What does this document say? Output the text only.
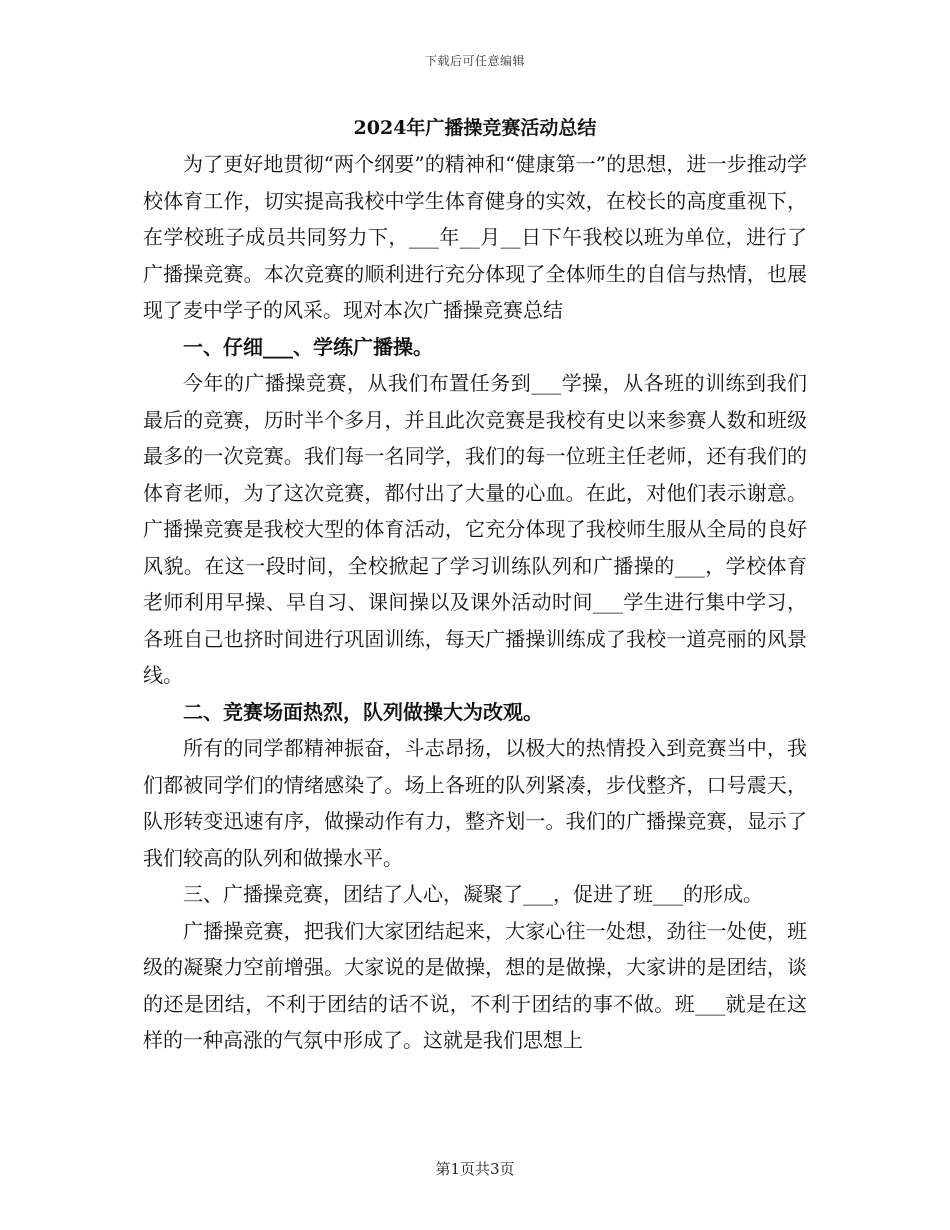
下载后可任意编辑
2024年广播操竞赛活动总结

为了更好地贯彻“两个纲要”的精神和“健康第一”的思想，进一步推动学校体育工作，切实提高我校中学生体育健身的实效，在校长的高度重视下，在学校班子成员共同努力下，___年__月__日下午我校以班为单位，进行了广播操竞赛。本次竞赛的顺利进行充分体现了全体师生的自信与热情，也展现了麦中学子的风采。现对本次广播操竞赛总结

一、仔细___、学练广播操。

今年的广播操竞赛，从我们布置任务到___学操，从各班的训练到我们最后的竞赛，历时半个多月，并且此次竞赛是我校有史以来参赛人数和班级最多的一次竞赛。我们每一名同学，我们的每一位班主任老师，还有我们的体育老师，为了这次竞赛，都付出了大量的心血。在此，对他们表示谢意。广播操竞赛是我校大型的体育活动，它充分体现了我校师生服从全局的良好风貌。在这一段时间，全校掀起了学习训练队列和广播操的___，学校体育老师利用早操、早自习、课间操以及课外活动时间___学生进行集中学习，各班自己也挤时间进行巩固训练，每天广播操训练成了我校一道亮丽的风景线。

二、竞赛场面热烈，队列做操大为改观。

所有的同学都精神振奋，斗志昂扬，以极大的热情投入到竞赛当中，我们都被同学们的情绪感染了。场上各班的队列紧凑，步伐整齐，口号震天，队形转变迅速有序，做操动作有力，整齐划一。我们的广播操竞赛，显示了我们较高的队列和做操水平。

三、广播操竞赛，团结了人心，凝聚了___，促进了班___的形成。

广播操竞赛，把我们大家团结起来，大家心往一处想，劲往一处使，班级的凝聚力空前增强。大家说的是做操，想的是做操，大家讲的是团结，谈的还是团结，不利于团结的话不说，不利于团结的事不做。班___就是在这样的一种高涨的气氛中形成了。这就是我们思想上

第1页共3页
